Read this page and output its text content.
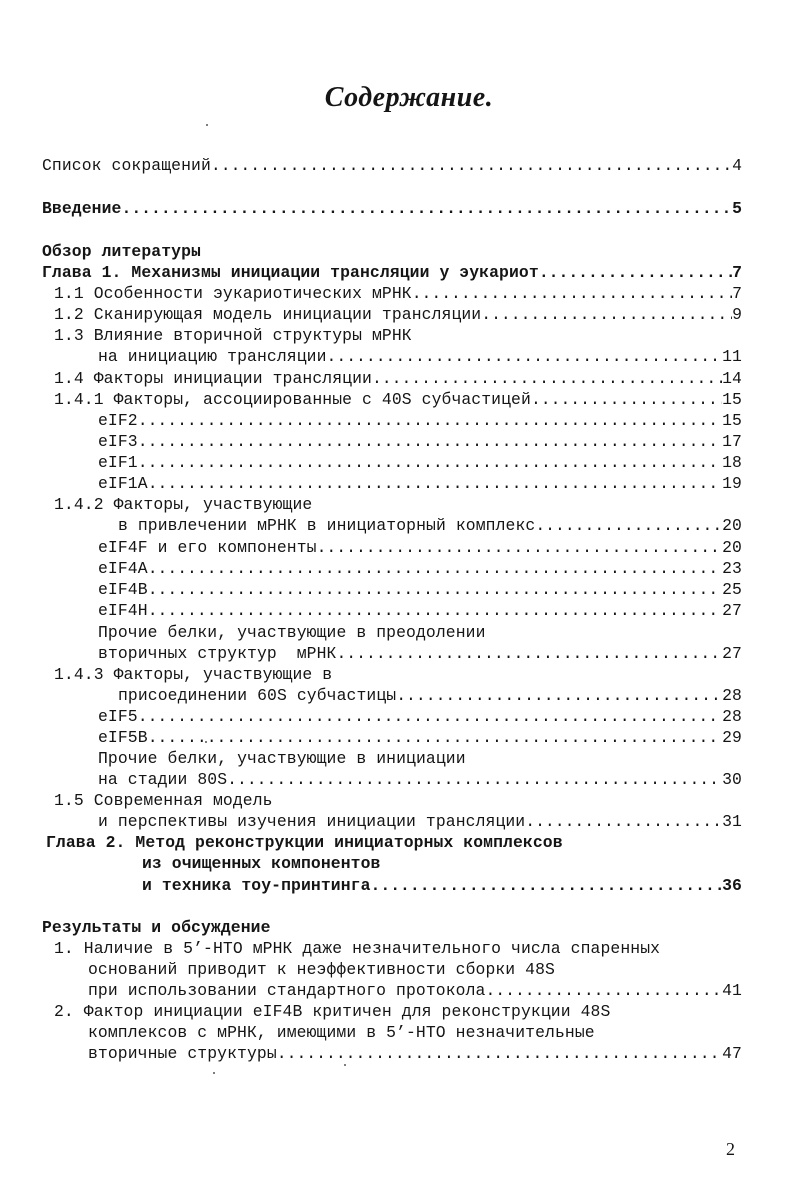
Содержание.
Список сокращений .....	4
Введение .....	5
Обзор литературы
Глава 1. Механизмы инициации трансляции у эукариот .....	7
1.1 Особенности эукариотических мРНК .....	7
1.2 Сканирующая модель инициации трансляции .....	9
1.3 Влияние вторичной структуры мРНК
на инициацию трансляции .....	11
1.4 Факторы инициации трансляции .....	14
1.4.1 Факторы, ассоциированные с 40S субчастицей .....	15
eIF2 .....	15
eIF3 .....	17
eIF1 .....	18
eIF1A .....	19
1.4.2 Факторы, участвующие
в привлечении мРНК в инициаторный комплекс .....	20
eIF4F и его компоненты .....	20
eIF4A .....	23
eIF4B .....	25
eIF4H .....	27
Прочие белки, участвующие в преодолении
вторичных структур  мРНК .....	27
1.4.3 Факторы, участвующие в
присоединении 60S субчастицы .....	28
eIF5 .....	28
eIF5B .....	29
Прочие белки, участвующие в инициации
на стадии 80S .....	30
1.5 Современная модель
и перспективы изучения инициации трансляции .....	31
Глава 2. Метод реконструкции инициаторных комплексов
из очищенных компонентов
и техника тоу-принтинга .....	36
Результаты и обсуждение
1. Наличие в 5’-НТО мРНК даже незначительного числа спаренных
оснований приводит к неэффективности сборки 48S
при использовании стандартного протокола .....	41
2. Фактор инициации eIF4B критичен для реконструкции 48S
комплексов с мРНК, имеющими в 5’-НТО незначительные
вторичные структуры .....	47
2
